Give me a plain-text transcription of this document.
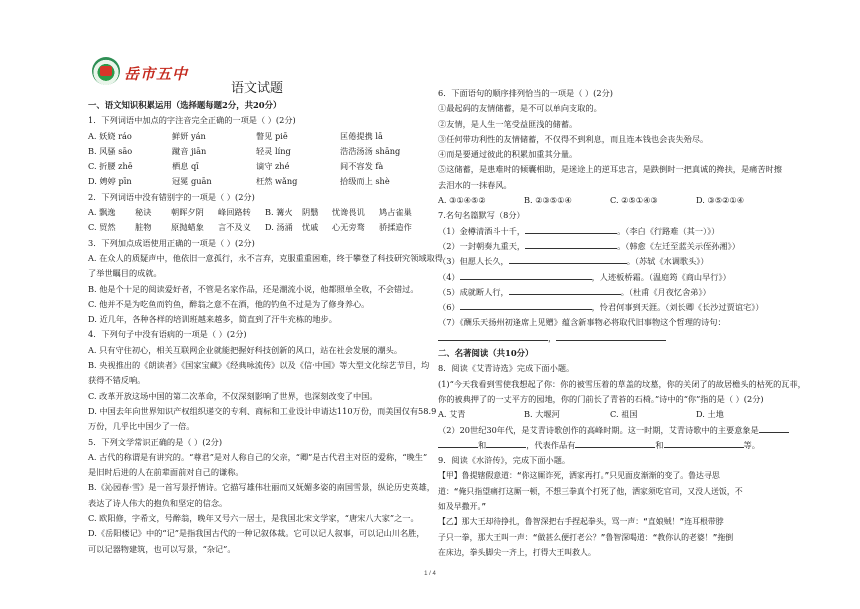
岳市五中
语文试题
一、语文知识积累运用（选择题每题2分，共20分）
1．下列词语中加点的字注音完全正确的一项是（ ）(2分)
A. 妖娆 ráo	鲜妍 yán	瞥见 piē	匡倦提携 lā
B. 风骚 sāo	蹴音 jiān	轻灵 líng	浩浩汤汤 shāng
C. 折腰 zhē	栖息 qī	谪守 zhé	间不容发 fà
D. 娉婷 pīn	冠冕 guān	枉然 wǎng	拾级而上 shè
2．下列词语中没有错别字的一项是（ ）(2分)
A. 飘逸	秘诀	朝晖夕阴	峰回路转	B. 篝火	阴翳	忧谗畏讥	鸠占雀巢
C. 贸然	脏物	原抛蜡象	言不及义	D. 汤涌	忧戚	心无旁骛	骄揉造作
3．下列加点成语使用正确的一项是（ ）(2分)
A. 在众人的质疑声中，他依旧一意孤行，永不言弃，克服重重困难，终于攀登了科技研究领域取得
了举世瞩目的成就。
B. 他是个十足的阅读爱好者，不管是名家作品，还是潮流小说，他都照单全收，不会错过。
C. 他并不是为吃鱼而钓鱼，醉翁之意不在酒，他的钓鱼不过是为了修身养心。
D. 近几年，各种各样的培训班越来越多，简直到了汗牛充栋的地步。
4．下列句子中没有语病的一项是（ ）(2分)
A. 只有守住初心，相关互联网企业就能把握好科技创新的风口，站在社会发展的潮头。
B. 央视推出的《朗读者》《国家宝藏》《经典咏流传》以及《信·中国》等大型文化综艺节目，均
获得不错反响。
C. 改革开放这场中国的第二次革命，不仅深刻影响了世界，也深刻改变了中国。
D. 中国去年向世界知识产权组织递交的专利、商标和工业设计申请达110万份，而美国仅有58.9
万份，几乎比中国少了一倍。
5．下列文学常识正确的是（ ）(2分)
A. 古代的称谓是有讲究的。“尊君”是对人称自己的父亲，“卿”是古代君主对臣的爱称，“晚生”
是旧时后进的人在前辈面前对自己的谦称。
B.《沁园春·雪》是一首写景抒情诗。它描写雄伟壮丽而又妩媚多姿的南国雪景，纵论历史英雄，
表达了诗人伟大的抱负和坚定的信念。
C. 欧阳修，字希文，号醉翁，晚年又号六一居士，是我国北宋文学家，“唐宋八大家”之一。
D.《岳阳楼记》中的“记”是指我国古代的一种记叙体裁。它可以记人叙事，可以记山川名胜，
可以记器物建筑，也可以写景，“杂记”。
6．下面语句的顺序排列恰当的一项是（ ）(2分)
①最起码的友情储蓄，是不可以单向支取的。
②友情，是人生一笔受益匪浅的储蓄。
③任何带功利性的友情储蓄，不仅得不到利息，而且连本钱也会丧失殆尽。
④而是要通过彼此的积累加重其分量。
⑤这储蓄，是患难时的倾囊相助，是迷途上的逆耳忠言，是跌倒时一把真诚的搀扶，是痛苦时擦
去泪水的一抹春风。
A. ③①④⑤②	B. ②③⑤①④	C. ②⑤①④③	D. ③⑤②①④
7.名句名篇默写（8分）
（1）金樽清酒斗十千，	。（李白《行路难（其一）》）
（2）一封朝奏九重天，	。（韩愈《左迁至蓝关示侄孙湘》）
（3）但愿人长久，	。（苏轼《水调歌头》）
（4）	，人迹板桥霜。（温庭筠《商山早行》）
（5）成就断人行，	。（杜甫《月夜忆舍弟》）
（6）	，怜君何事到天涯。（刘长卿《长沙过贾谊宅》）
（7）《酬乐天扬州初逢席上见赠》蕴含新事物必将取代旧事物这个哲理的诗句：
，
二、名著阅读（共10分）
8．阅读《艾青诗选》完成下面小题。
(1)“今天我看到雪使我想起了你：你的被雪压着的草盖的坟墓，你的关闭了的故居檐头的枯死的瓦菲，
你的被典押了的一丈平方的园地，你的门前长了青苔的石椅。”诗中的“你”指的是（ ）(2分)
A. 艾青	B. 大堰河	C. 祖国	D. 土地
（2）20世纪30年代，是艾青诗歌创作的高峰时期。这一时期，艾青诗歌中的主要意象是
和	，代表作品有	和	等。
9．阅读《水浒传》，完成下面小题。
【甲】鲁提辖假意道：“你这厮诈死，洒家再打。”只见面皮渐渐的变了。鲁达寻思
道：“俺只指望痛打这厮一顿，不想三拳真个打死了他，洒家须吃官司，又没人送饭，不
如及早撒开。”
【乙】那大王却待挣扎，鲁智深把右手捏起拳头，骂一声：“直娘贼！”连耳根带脖
子只一拳，那大王叫一声：“做甚么便打老公？”鲁智深喝道：“教你认的老婆！”拖倒
在床边，拳头脚尖一齐上，打得大王叫救人。
1 / 4
